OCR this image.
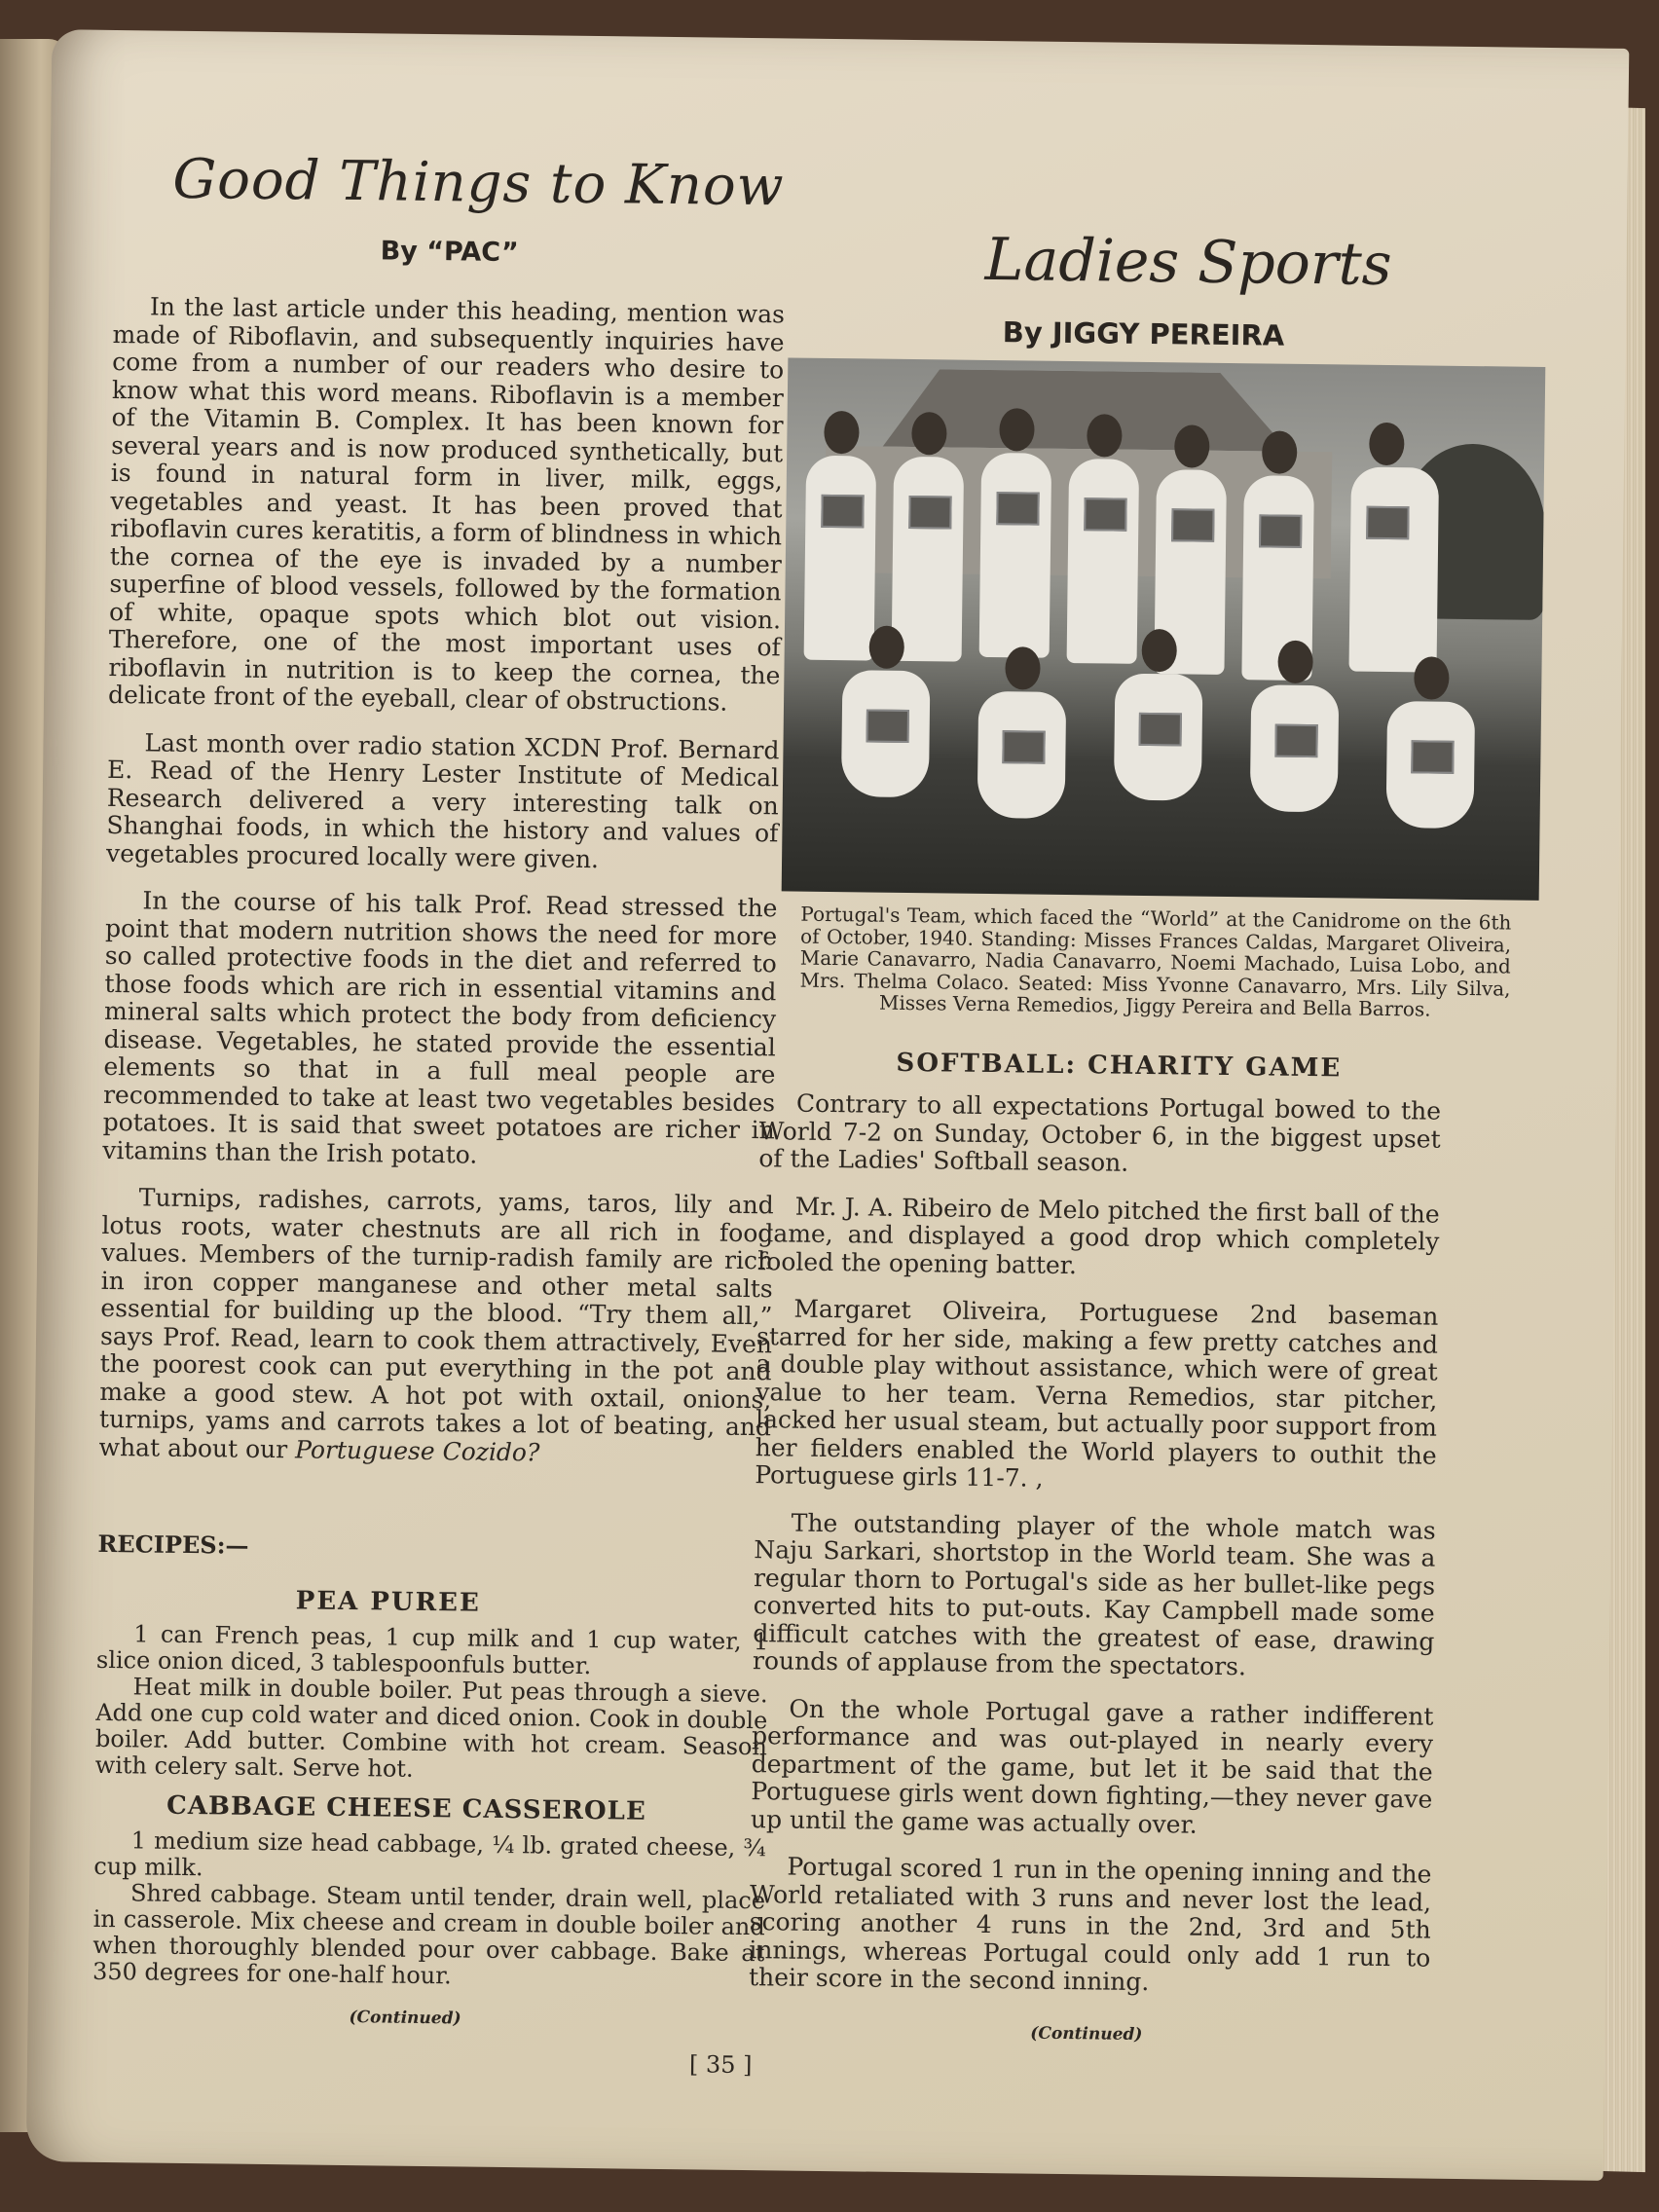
Good Things to Know
By “PAC”

In the last article under this heading, mention was made of Riboflavin, and subsequently inquiries have come from a number of our readers who desire to know what this word means. Riboflavin is a member of the Vitamin B. Complex. It has been known for several years and is now produced synthetically, but is found in natural form in liver, milk, eggs, vegetables and yeast. It has been proved that riboflavin cures keratitis, a form of blindness in which the cornea of the eye is invaded by a number superfine of blood vessels, followed by the formation of white, opaque spots which blot out vision. Therefore, one of the most important uses of riboflavin in nutrition is to keep the cornea, the delicate front of the eyeball, clear of obstructions.

Last month over radio station XCDN Prof. Bernard E. Read of the Henry Lester Institute of Medical Research delivered a very interesting talk on Shanghai foods, in which the history and values of vegetables procured locally were given.

In the course of his talk Prof. Read stressed the point that modern nutrition shows the need for more so called protective foods in the diet and referred to those foods which are rich in essential vitamins and mineral salts which protect the body from deficiency disease. Vegetables, he stated provide the essential elements so that in a full meal people are recommended to take at least two vegetables besides potatoes. It is said that sweet potatoes are richer in vitamins than the Irish potato.

Turnips, radishes, carrots, yams, taros, lily and lotus roots, water chestnuts are all rich in food values. Members of the turnip-radish family are rich in iron copper manganese and other metal salts essential for building up the blood. “Try them all,” says Prof. Read, learn to cook them attractively, Even the poorest cook can put everything in the pot and make a good stew. A hot pot with oxtail, onions, turnips, yams and carrots takes a lot of beating, and what about our Portuguese Cozido?

RECIPES:—
PEA PUREE

1 can French peas, 1 cup milk and 1 cup water, 1 slice onion diced, 3 tablespoonfuls butter.

Heat milk in double boiler. Put peas through a sieve. Add one cup cold water and diced onion. Cook in double boiler. Add butter. Combine with hot cream. Season with celery salt. Serve hot.

CABBAGE CHEESE CASSEROLE

1 medium size head cabbage, ¼ lb. grated cheese, ¾ cup milk.

Shred cabbage. Steam until tender, drain well, place in casserole. Mix cheese and cream in double boiler and when thoroughly blended pour over cabbage. Bake at 350 degrees for one-half hour.

(Continued)
Ladies Sports
By JIGGY PEREIRA
Portugal's Team, which faced the “World” at the Canidrome on the 6th of October, 1940. Standing: Misses Frances Caldas, Margaret Oliveira, Marie Canavarro, Nadia Canavarro, Noemi Machado, Luisa Lobo, and Mrs. Thelma Colaco. Seated: Miss Yvonne Canavarro, Mrs. Lily Silva, Misses Verna Remedios, Jiggy Pereira and Bella Barros.
SOFTBALL: CHARITY GAME

Contrary to all expectations Portugal bowed to the World 7-2 on Sunday, October 6, in the biggest upset of the Ladies' Softball season.

Mr. J. A. Ribeiro de Melo pitched the first ball of the game, and displayed a good drop which completely fooled the opening batter.

Margaret Oliveira, Portuguese 2nd baseman starred for her side, making a few pretty catches and a double play without assistance, which were of great value to her team. Verna Remedios, star pitcher, lacked her usual steam, but actually poor support from her fielders enabled the World players to outhit the Portuguese girls 11-7. ,

The outstanding player of the whole match was Naju Sarkari, shortstop in the World team. She was a regular thorn to Portugal's side as her bullet-like pegs converted hits to put-outs. Kay Campbell made some difficult catches with the greatest of ease, drawing rounds of applause from the spectators.

On the whole Portugal gave a rather indifferent performance and was out-played in nearly every department of the game, but let it be said that the Portuguese girls went down fighting,—they never gave up until the game was actually over.

Portugal scored 1 run in the opening inning and the World retaliated with 3 runs and never lost the lead, scoring another 4 runs in the 2nd, 3rd and 5th innings, whereas Portugal could only add 1 run to their score in the second inning.

(Continued)
[ 35 ]
